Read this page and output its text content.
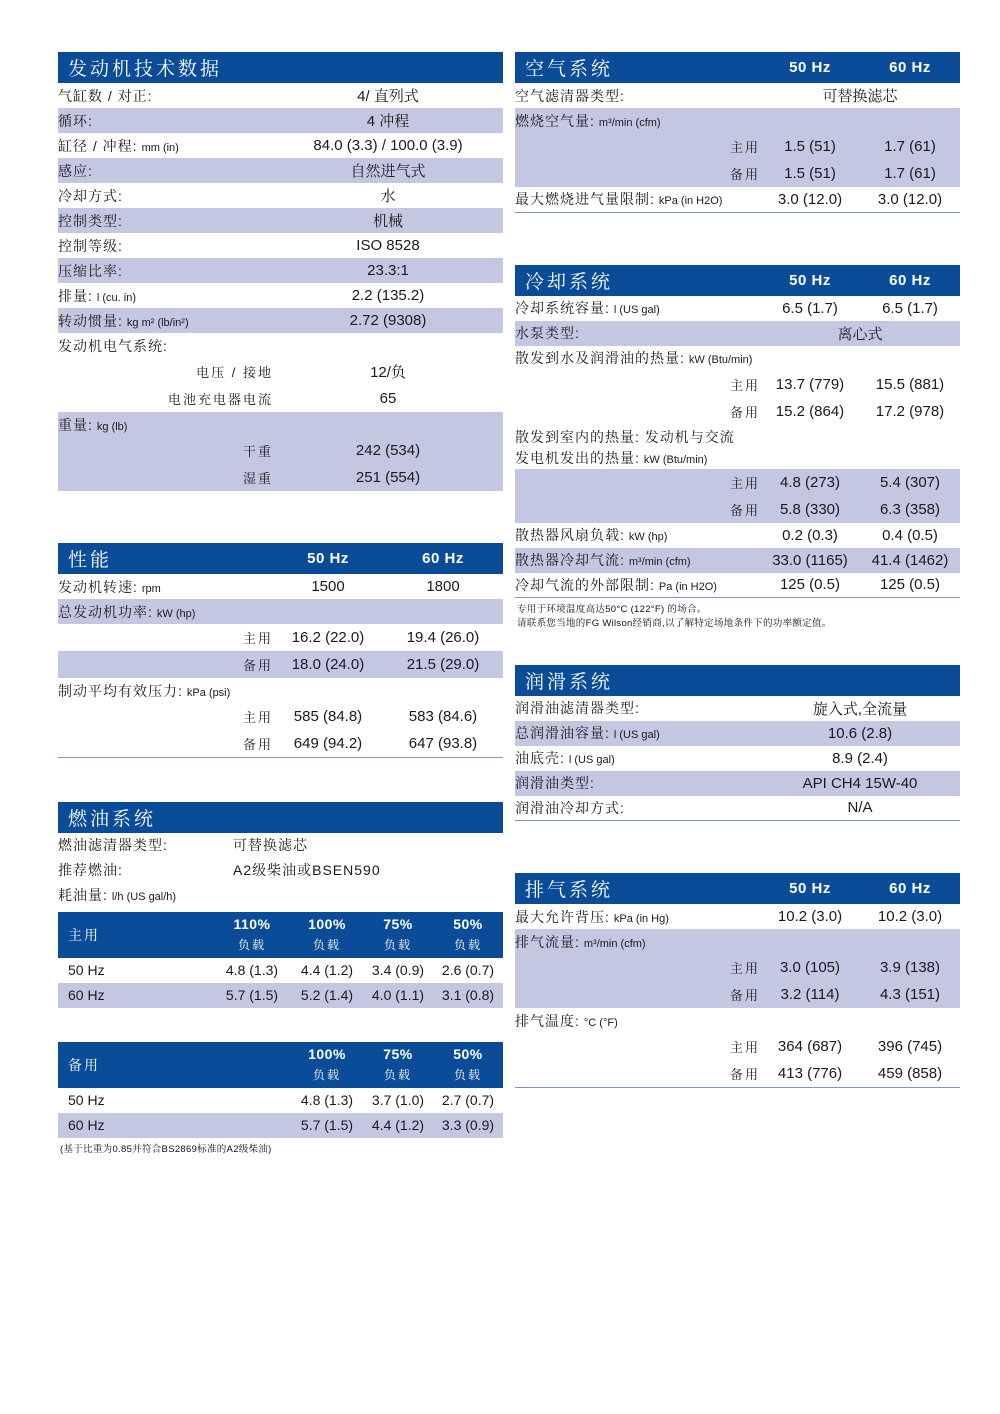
发动机技术数据	
气缸数 / 对正:	4/ 直列式
循环:	4 冲程
缸径 / 冲程: mm (in)	84.0 (3.3) / 100.0 (3.9)
感应:	自然进气式
冷却方式:	水
控制类型:	机械
控制等级:	ISO 8528
压缩比率:	23.3:1
排量: l (cu. in)	2.2 (135.2)
转动惯量: kg m² (lb/in²)	2.72 (9308)
发动机电气系统:	
电压 / 接地	12/负
电池充电器电流	65
重量: kg (lb)	
干重	242 (534)
湿重	251 (554)
性能	50 Hz	60 Hz
发动机转速: rpm	1500	1800
总发动机功率: kW (hp)		
主用	16.2 (22.0)	19.4 (26.0)
备用	18.0 (24.0)	21.5 (29.0)
制动平均有效压力: kPa (psi)		
主用	585 (84.8)	583 (84.6)
备用	649 (94.2)	647 (93.8)
燃油系统	
燃油滤清器类型:	可替换滤芯
推荐燃油:	A2级柴油或BSEN590
耗油量: l/h (US gal/h)	
主用	110%	100%	75%	50%
	负载	负载	负载	负载
50 Hz	4.8 (1.3)	4.4 (1.2)	3.4 (0.9)	2.6 (0.7)
60 Hz	5.7 (1.5)	5.2 (1.4)	4.0 (1.1)	3.1 (0.8)
备用	100%	75%	50%
	负载	负载	负载
50 Hz	4.8 (1.3)	3.7 (1.0)	2.7 (0.7)
60 Hz	5.7 (1.5)	4.4 (1.2)	3.3 (0.9)
(基于比重为0.85并符合BS2869标准的A2级柴油)
空气系统	50 Hz	60 Hz
空气滤清器类型:	可替换滤芯	
燃烧空气量: m³/min (cfm)		
主用	1.5 (51)	1.7 (61)
备用	1.5 (51)	1.7 (61)
最大燃烧进气量限制: kPa (in H2O)	3.0 (12.0)	3.0 (12.0)
冷却系统	50 Hz	60 Hz
冷却系统容量: l (US gal)	6.5 (1.7)	6.5 (1.7)
水泵类型:	离心式	
散发到水及润滑油的热量: kW (Btu/min)		
主用	13.7 (779)	15.5 (881)
备用	15.2 (864)	17.2 (978)
散发到室内的热量: 发动机与交流		
发电机发出的热量: kW (Btu/min)		
主用	4.8 (273)	5.4 (307)
备用	5.8 (330)	6.3 (358)
散热器风扇负载: kW (hp)	0.2 (0.3)	0.4 (0.5)
散热器冷却气流: m³/min (cfm)	33.0 (1165)	41.4 (1462)
冷却气流的外部限制: Pa (in H2O)	125 (0.5)	125 (0.5)
专用于环境温度高达50°C (122°F) 的场合。
请联系您当地的FG Wilson经销商,以了解特定场地条件下的功率额定值。
润滑系统	
润滑油滤清器类型:	旋入式,全流量
总润滑油容量: l (US gal)	10.6 (2.8)
油底壳: l (US gal)	8.9 (2.4)
润滑油类型:	API CH4 15W-40
润滑油冷却方式:	N/A
排气系统	50 Hz	60 Hz
最大允许背压: kPa (in Hg)	10.2 (3.0)	10.2 (3.0)
排气流量: m³/min (cfm)		
主用	3.0 (105)	3.9 (138)
备用	3.2 (114)	4.3 (151)
排气温度: °C (°F)		
主用	364 (687)	396 (745)
备用	413 (776)	459 (858)
